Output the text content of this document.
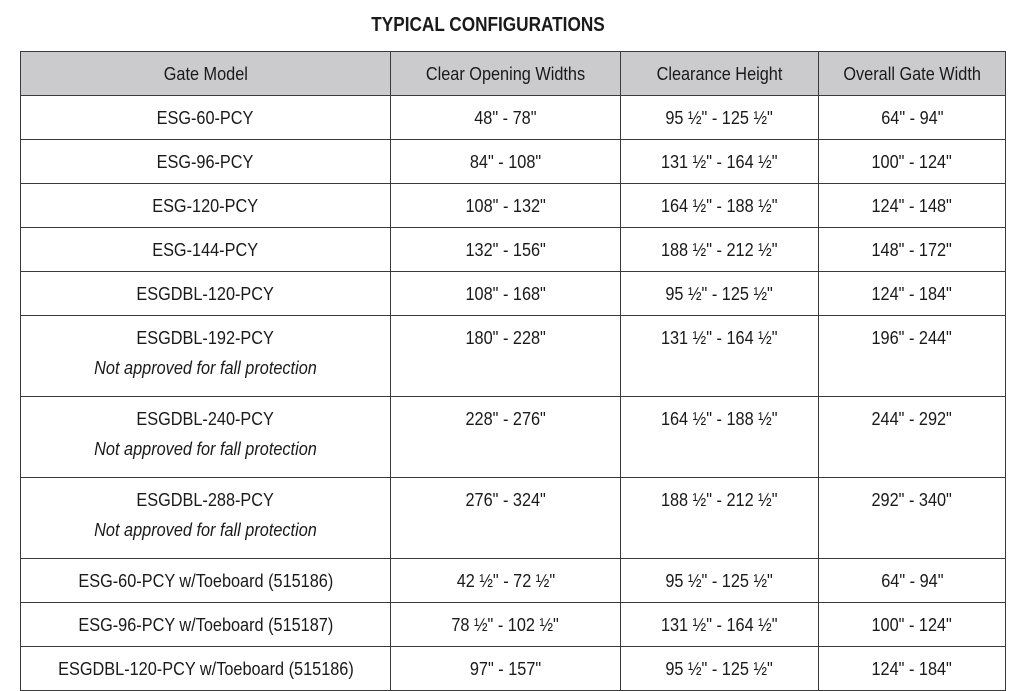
TYPICAL CONFIGURATIONS
Gate Model	Clear Opening Widths	Clearance Height	Overall Gate Width

ESG-60-PCY	48" - 78"	95 ½" - 125 ½"	64" - 94"

ESG-96-PCY	84" - 108"	131 ½" - 164 ½"	100" - 124"

ESG-120-PCY	108" - 132"	164 ½" - 188 ½"	124" - 148"

ESG-144-PCY	132" - 156"	188 ½" - 212 ½"	148" - 172"

ESGDBL-120-PCY	108" - 168"	95 ½" - 125 ½"	124" - 184"

ESGDBL-192-PCY
Not approved for fall protection	180" - 228"	131 ½" - 164 ½"	196" - 244"

ESGDBL-240-PCY
Not approved for fall protection	228" - 276"	164 ½" - 188 ½"	244" - 292"

ESGDBL-288-PCY
Not approved for fall protection	276" - 324"	188 ½" - 212 ½"	292" - 340"

ESG-60-PCY w/Toeboard (515186)	42 ½" - 72 ½"	95 ½" - 125 ½"	64" - 94"

ESG-96-PCY w/Toeboard (515187)	78 ½" - 102 ½"	131 ½" - 164 ½"	100" - 124"

ESGDBL-120-PCY w/Toeboard (515186)	97" - 157"	95 ½" - 125 ½"	124" - 184"
